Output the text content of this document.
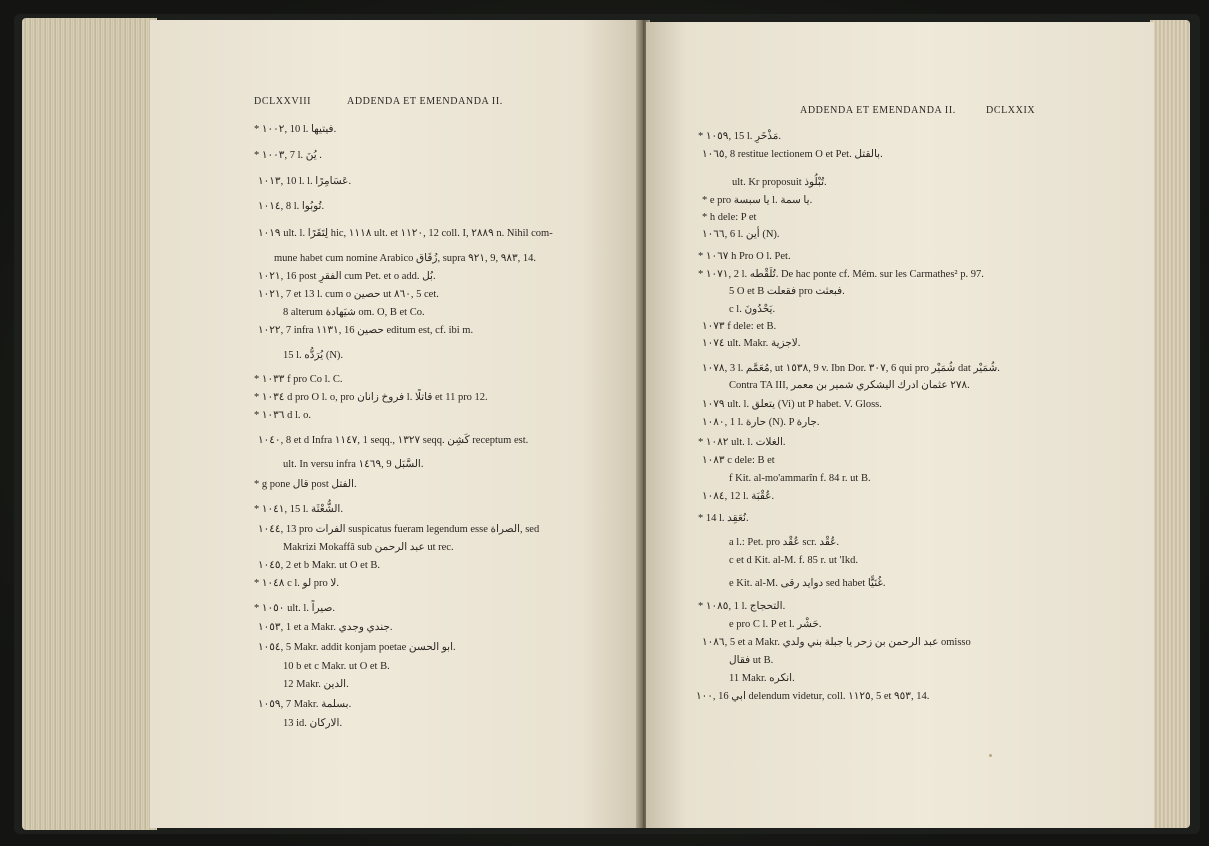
DCLXXVIII	ADDENDA ET EMENDANDA II.
* ١٠٠٢, 10 l. فيتيها.
* ١٠٠٣, 7 l. يُنَ .
١٠١٣, 10 l. l. عَسَامِرًا.
١٠١٤, 8 l. تُوبُوا.
١٠١٩ ult. l. لِتَقَرًا hic, ١١١٨ ult. et ١١٢٠, 12 coll. I, ٢٨٨٩ n. Nihil com-
mune habet cum nomine Arabico زُقَاق, supra ٩٢١, 9, ٩٨٣, 14.
١٠٢١, 16 post الفقرِ cum Pet. et o add. بُل.
١٠٢١, 7 et 13 l. cum o حصين ut ٨٦٠, 5 cet.
8 alterum شيَهادة om. O, B et Co.
١٠٢٢, 7 infra ١١٣١, 16 حصين editum est, cf. ibi m.
15 l. يُرَدُّه (N).
* ١٠٣٣ f pro Co l. C.
* ١٠٣٤ d pro O l. o, pro فروخ زانان l. قاتلًا et 11 pro 12.
* ١٠٣٦ d l. o.
١٠٤٠, 8 et d Infra ١١٤٧, 1 seqq., ١٣٢٧ seqq. كَشِن receptum est.
ult. In versu infra ١٤٦٩, 9 السَّبَل.
* g pone قال post الفتل.
* ١٠٤١, 15 l. الشُّعْثَة.
١٠٤٤, 13 pro الفرات suspicatus fueram legendum esse الصراة, sed
Makrizi Mokaffâ sub عبد الرحمن ut rec.
١٠٤٥, 2 et b Makr. ut O et B.
* ١٠٤٨ c l. لو pro لا.
* ١٠٥٠ ult. l. صيراً.
١٠٥٣, 1 et a Makr. جندي وجدي.
١٠٥٤, 5 Makr. addit konjam poetae ابو الحسن.
10 b et c Makr. ut O et B.
12 Makr. الدين.
١٠٥٩, 7 Makr. بسلمة.
13 id. الاركان.
ADDENDA ET EMENDANDA II.	DCLXXIX
* ١٠٥٩, 15 l. مَذْخَرِ.
١٠٦٥, 8 restitue lectionem O et Pet. بالقتل.
ult. Kr proposuit تُبْلُوذ.
* e pro يا سبسة l. يا سمة.
* h dele: P et
١٠٦٦, 6 l. أين (N).
* ١٠٦٧ h Pro O l. Pet.
* ١٠٧١, 2 l. تُلَقْطه. De hac ponte cf. Mém. sur les Carmathes² p. 97.
5 O et B فقعلت pro فبعثت.
c l. يَحْدُونَ.
١٠٧٣ f dele: et B.
١٠٧٤ ult. Makr. لاجزية.
١٠٧٨, 3 l. مُعَمَّم, ut ١٥٣٨, 9 v. Ibn Dor. ٣٠٧, 6 qui pro شُمَيْر dat شُمَيْر.
Contra TA III, ٢٧٨ عثمان ادرك اليشكري شمير بن معمر.
١٠٧٩ ult. l. يتعلق (Vi) ut P habet. V. Gloss.
١٠٨٠, 1 l. حارة (N). P جارة.
* ١٠٨٢ ult. l. الغلات.
١٠٨٣ c dele: B et
f Kit. al-mo'ammarîn f. 84 r. ut B.
١٠٨٤, 12 l. عُقْبَة.
* 14 l. نُعَقِد.
a l.: Pet. pro عُقْد scr. عُقْد.
c et d Kit. al-M. f. 85 r. ut 'Ikd.
e Kit. al-M. دوايد رقى sed habet غُنَيًّا.
* ١٠٨٥, 1 l. التحجاج.
e pro C l. P et l. حَشْر.
١٠٨٦, 5 et a Makr. عبد الرحمن بن زحر يا جبلة بني ولدي omisso
فقال ut B.
11 Makr. انكره.
١٠٠, 16 ابي delendum videtur, coll. ١١٢٥, 5 et ٩٥٣, 14.
